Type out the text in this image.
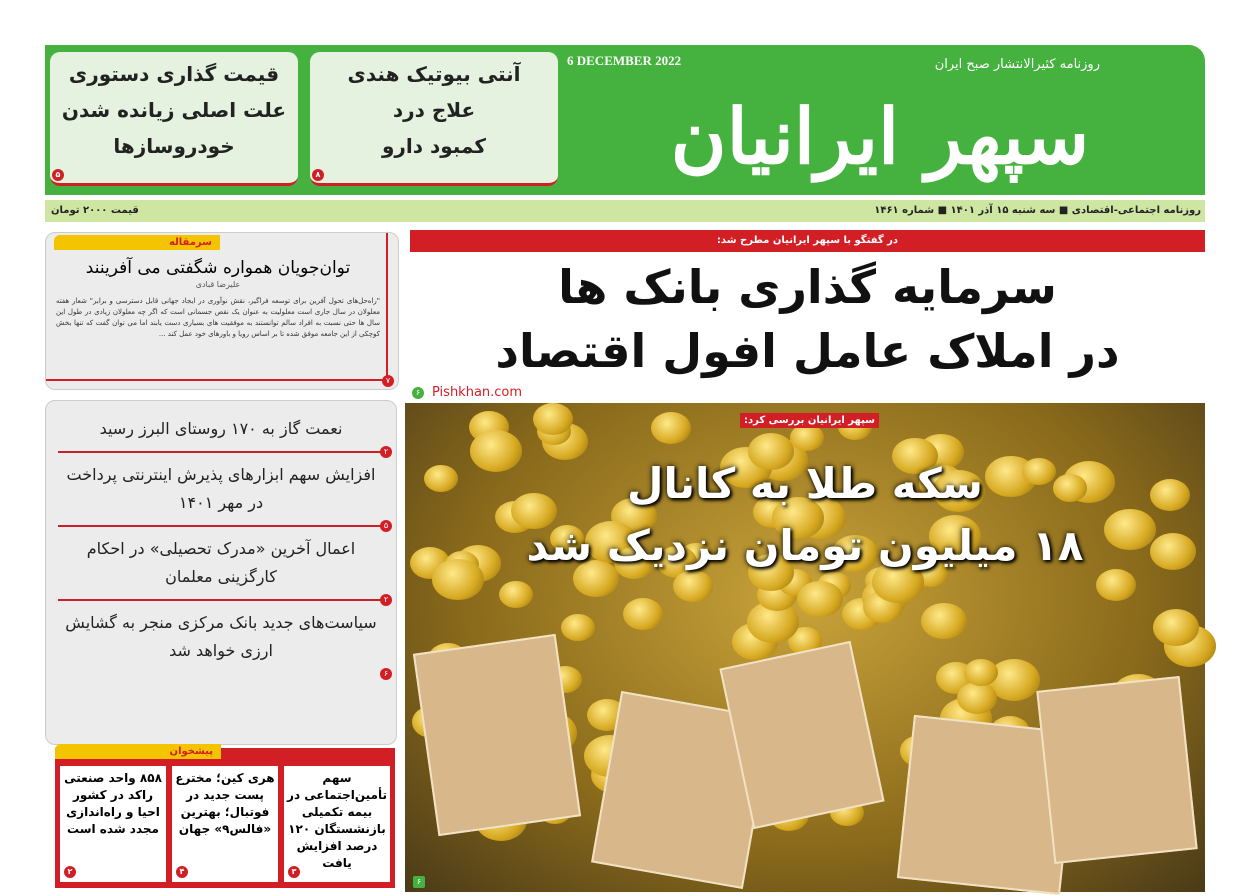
سپهر ایرانیان
روزنامه کثیرالانتشار صبح ایران
6 DECEMBER 2022
آنتی بیوتیک هندی
علاج درد
کمبود دارو
۸
قیمت گذاری دستوری
علت اصلی زیانده شدن
خودروسازها
۵
روزنامه اجتماعی-اقتصادی ■ سه شنبه ۱۵ آذر ۱۴۰۱ ■ شماره ۱۴۶۱
قیمت ۲۰۰۰ تومان
سرمقاله
توان‌جویان همواره شگفتی می آفرینند
علیرضا قبادی
"راه‌حل‌های تحول آفرین برای توسعه فراگیر، نقش نوآوری در ایجاد جهانی قابل دسترسی و برابر" شعار هفته معلولان در سال جاری است معلولیت به عنوان یک نقص جسمانی است که اگر چه معلولان زیادی در طول این سال ها حتی نسبت به افراد سالم توانستند به موفقیت های بسیاری دست یابند اما می توان گفت که تنها بخش کوچکی از این جامعه موفق شده تا بر اساس رویا و باورهای خود عمل کند ...
۷
نعمت گاز به ۱۷۰ روستای البرز رسید
۲
افزایش سهم ابزارهای پذیرش اینترنتی پرداخت در مهر ۱۴۰۱
۵
اعمال آخرین «مدرک تحصیلی» در احکام کارگزینی معلمان
۲
سیاست‌های جدید بانک مرکزی منجر به گشایش ارزی خواهد شد
۶
پیشخوان
سهم تأمین‌اجتماعی در بیمه تکمیلی بازنشستگان ۱۲۰ درصد افزایش یافت
۳
هری کین؛ مخترع پست جدید در فوتبال؛ بهترین «فالس۹» جهان
۴
۸۵۸ واحد صنعتی راکد در کشور احیا و راه‌اندازی مجدد شده است
۲
در گفتگو با سپهر ایرانیان مطرح شد:
سرمایه گذاری بانک ها
در املاک عامل افول اقتصاد
Pishkhan.com
۶
سپهر ایرانیان بررسی کرد:
سکه طلا به کانال
۱۸ میلیون تومان نزدیک شد
۶
